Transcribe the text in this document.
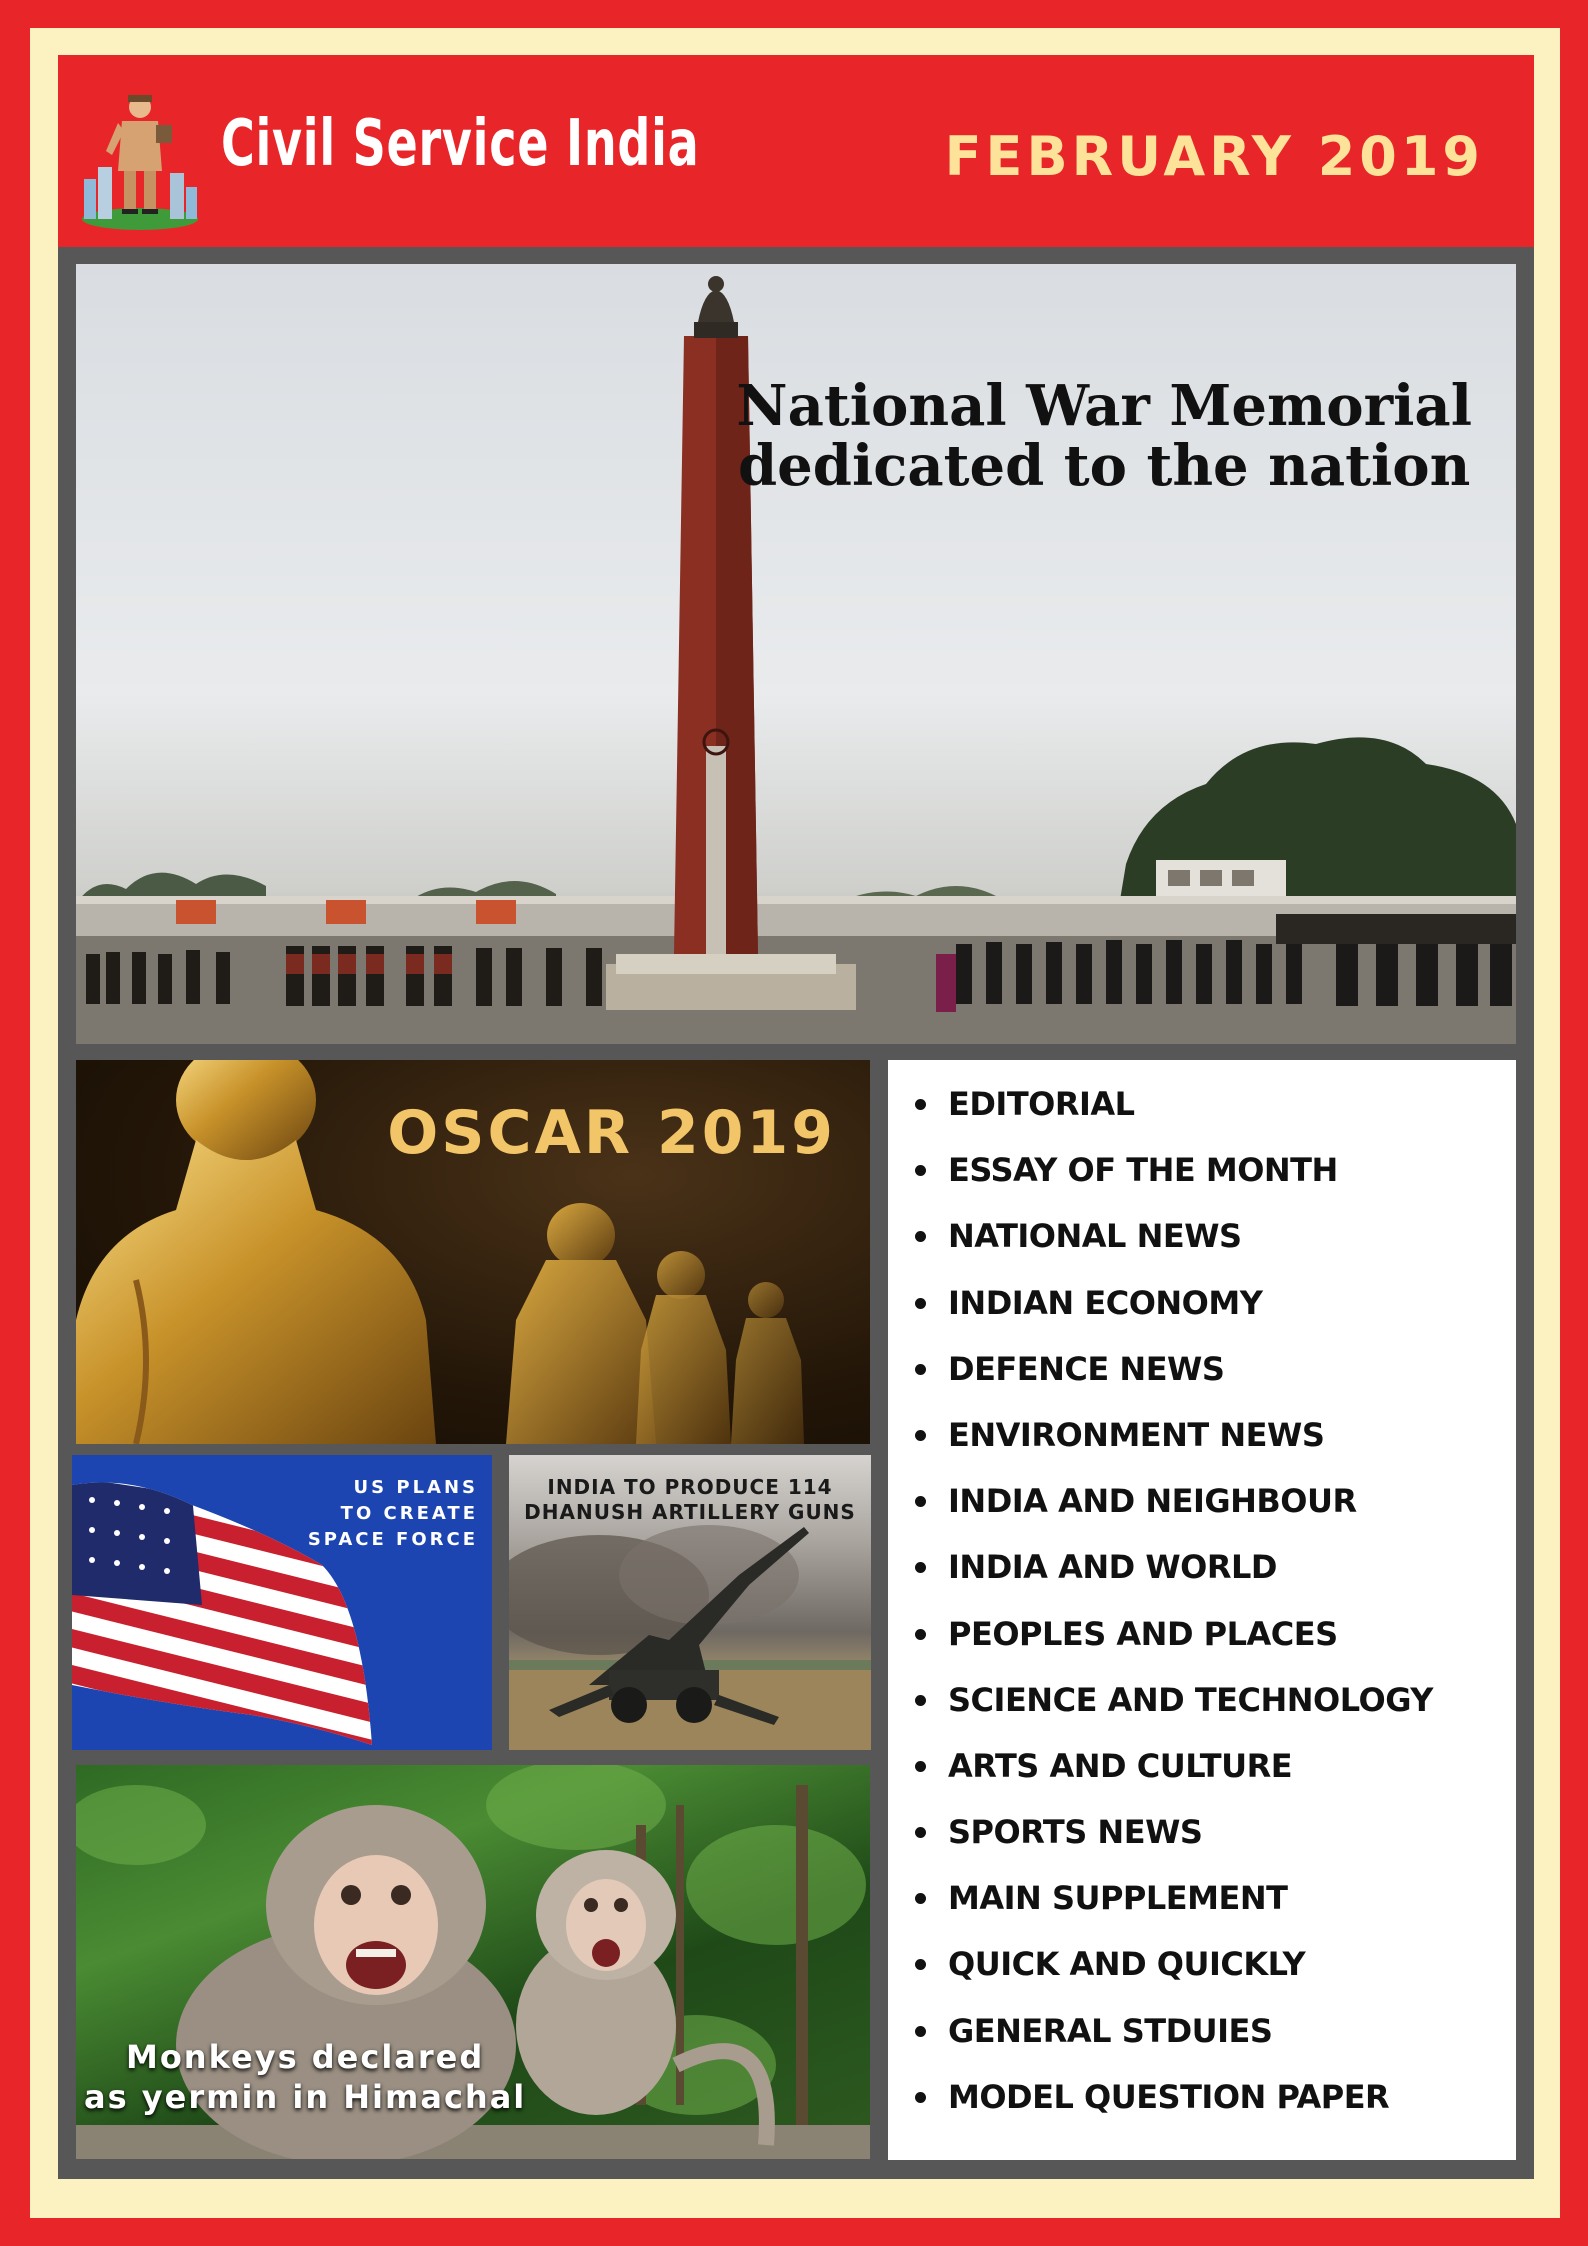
Civil Service India	FEBRUARY 2019
National War Memorial
dedicated to the nation
OSCAR 2019
US PLANS
TO CREATE
SPACE FORCE
INDIA TO PRODUCE 114
DHANUSH ARTILLERY GUNS
Monkeys declared
as yermin in Himachal
EDITORIAL
ESSAY OF THE MONTH
NATIONAL NEWS
INDIAN ECONOMY
DEFENCE NEWS
ENVIRONMENT NEWS
INDIA AND NEIGHBOUR
INDIA AND WORLD
PEOPLES AND PLACES
SCIENCE AND TECHNOLOGY
ARTS AND CULTURE
SPORTS NEWS
MAIN SUPPLEMENT
QUICK AND QUICKLY
GENERAL STDUIES
MODEL QUESTION PAPER
